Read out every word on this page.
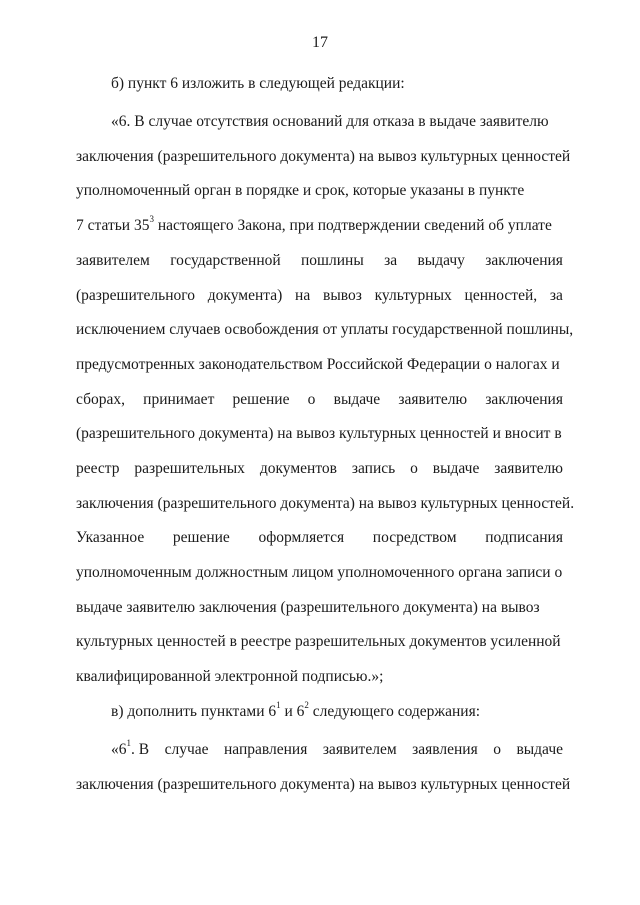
17
б) пункт 6 изложить в следующей редакции:
«6. В случае отсутствия оснований для отказа в выдаче заявителю
заключения (разрешительного документа) на вывоз культурных ценностей
уполномоченный орган в порядке и срок, которые указаны в пункте
7 статьи $35^3$ настоящего Закона, при подтверждении сведений об уплате
заявителем государственной пошлины за выдачу заключения
(разрешительного документа) на вывоз культурных ценностей, за
исключением случаев освобождения от уплаты государственной пошлины,
предусмотренных законодательством Российской Федерации о налогах и
сборах, принимает решение о выдаче заявителю заключения
(разрешительного документа) на вывоз культурных ценностей и вносит в
реестр разрешительных документов запись о выдаче заявителю
заключения (разрешительного документа) на вывоз культурных ценностей.
Указанное решение оформляется посредством подписания
уполномоченным должностным лицом уполномоченного органа записи о
выдаче заявителю заключения (разрешительного документа) на вывоз
культурных ценностей в реестре разрешительных документов усиленной
квалифицированной электронной подписью.»;
в) дополнить пунктами $6^1$ и $6^2$ следующего содержания:
«$6^1$. В случае направления заявителем заявления о выдаче
заключения (разрешительного документа) на вывоз культурных ценностей
